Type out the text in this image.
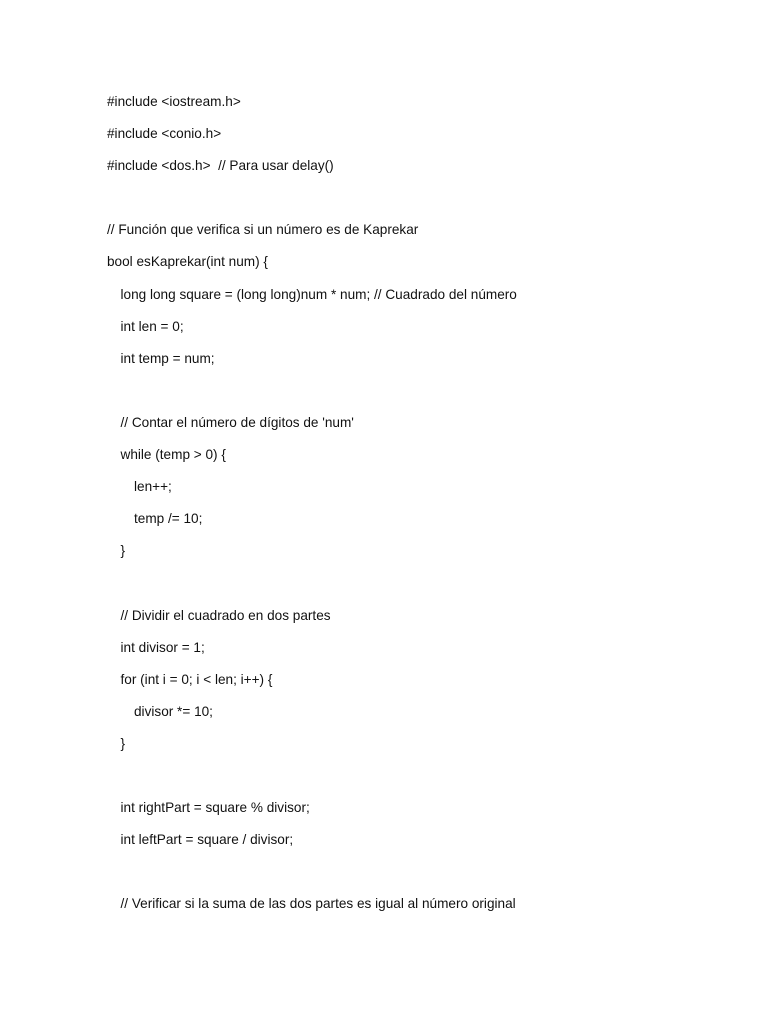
#include <iostream.h>
#include <conio.h>
#include <dos.h>  // Para usar delay()
// Función que verifica si un número es de Kaprekar
bool esKaprekar(int num) {
long long square = (long long)num * num; // Cuadrado del número
int len = 0;
int temp = num;
// Contar el número de dígitos de 'num'
while (temp > 0) {
len++;
temp /= 10;
}
// Dividir el cuadrado en dos partes
int divisor = 1;
for (int i = 0; i < len; i++) {
divisor *= 10;
}
int rightPart = square % divisor;
int leftPart = square / divisor;
// Verificar si la suma de las dos partes es igual al número original
